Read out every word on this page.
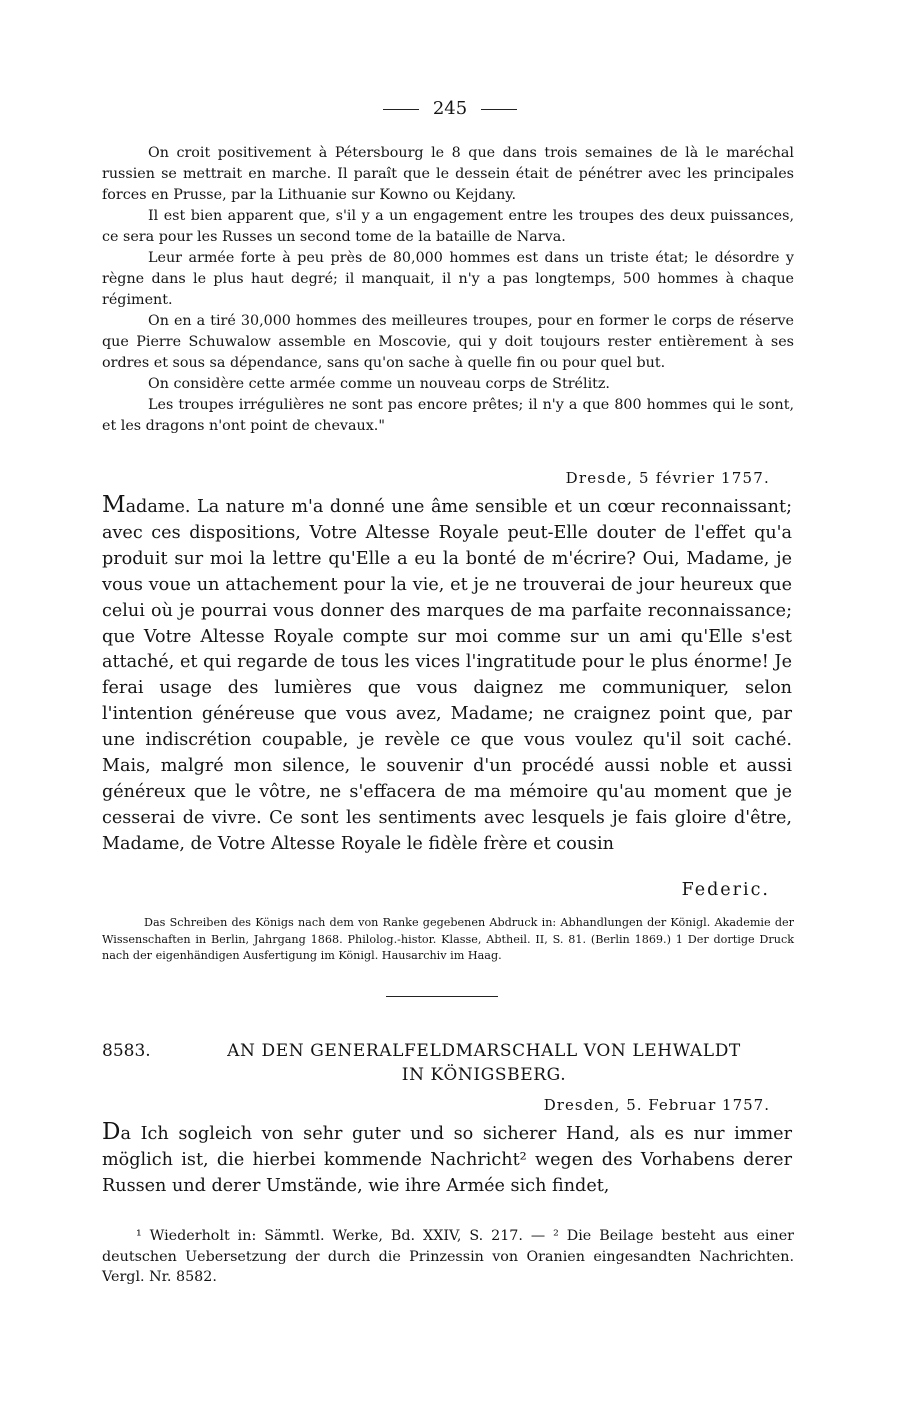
245

On croit positivement à Pétersbourg le 8 que dans trois semaines de là le maréchal russien se mettrait en marche. Il paraît que le dessein était de pénétrer avec les principales forces en Prusse, par la Lithuanie sur Kowno ou Kejdany.

Il est bien apparent que, s'il y a un engagement entre les troupes des deux puissances, ce sera pour les Russes un second tome de la bataille de Narva.

Leur armée forte à peu près de 80,000 hommes est dans un triste état; le désordre y règne dans le plus haut degré; il manquait, il n'y a pas longtemps, 500 hommes à chaque régiment.

On en a tiré 30,000 hommes des meilleures troupes, pour en former le corps de réserve que Pierre Schuwalow assemble en Moscovie, qui y doit toujours rester entièrement à ses ordres et sous sa dépendance, sans qu'on sache à quelle fin ou pour quel but.

On considère cette armée comme un nouveau corps de Strélitz.

Les troupes irrégulières ne sont pas encore prêtes; il n'y a que 800 hommes qui le sont, et les dragons n'ont point de chevaux."

Dresde, 5 février 1757.

Madame. La nature m'a donné une âme sensible et un cœur reconnaissant; avec ces dispositions, Votre Altesse Royale peut-Elle douter de l'effet qu'a produit sur moi la lettre qu'Elle a eu la bonté de m'écrire? Oui, Madame, je vous voue un attachement pour la vie, et je ne trouverai de jour heureux que celui où je pourrai vous donner des marques de ma parfaite reconnaissance; que Votre Altesse Royale compte sur moi comme sur un ami qu'Elle s'est attaché, et qui regarde de tous les vices l'ingratitude pour le plus énorme! Je ferai usage des lumières que vous daignez me communiquer, selon l'intention généreuse que vous avez, Madame; ne craignez point que, par une indiscrétion coupable, je revèle ce que vous voulez qu'il soit caché. Mais, malgré mon silence, le souvenir d'un procédé aussi noble et aussi généreux que le vôtre, ne s'effacera de ma mémoire qu'au moment que je cesserai de vivre. Ce sont les sentiments avec lesquels je fais gloire d'être, Madame, de Votre Altesse Royale le fidèle frère et cousin

Federic.

Das Schreiben des Königs nach dem von Ranke gegebenen Abdruck in: Abhandlungen der Königl. Akademie der Wissenschaften in Berlin, Jahrgang 1868. Philolog.-histor. Klasse, Abtheil. II, S. 81. (Berlin 1869.) 1 Der dortige Druck nach der eigenhändigen Ausfertigung im Königl. Hausarchiv im Haag.

8583.	AN DEN GENERALFELDMARSCHALL VON LEHWALDT
IN KÖNIGSBERG.
Dresden, 5. Februar 1757.

Da Ich sogleich von sehr guter und so sicherer Hand, als es nur immer möglich ist, die hierbei kommende Nachricht² wegen des Vorhabens derer Russen und derer Umstände, wie ihre Armée sich findet,

¹ Wiederholt in: Sämmtl. Werke, Bd. XXIV, S. 217. — ² Die Beilage besteht aus einer deutschen Uebersetzung der durch die Prinzessin von Oranien eingesandten Nachrichten. Vergl. Nr. 8582.
